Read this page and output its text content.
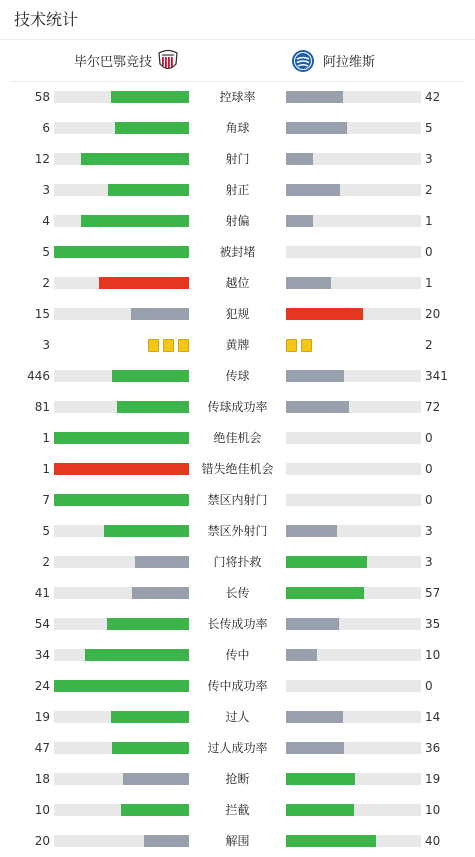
技术统计
毕尔巴鄂竞技	阿拉维斯
58	控球率	42
6	角球	5
12	射门	3
3	射正	2
4	射偏	1
5	被封堵	0
2	越位	1
15	犯规	20
3	黄牌	2
446	传球	341
81	传球成功率	72
1	绝佳机会	0
1	错失绝佳机会	0
7	禁区内射门	0
5	禁区外射门	3
2	门将扑救	3
41	长传	57
54	长传成功率	35
34	传中	10
24	传中成功率	0
19	过人	14
47	过人成功率	36
18	抢断	19
10	拦截	10
20	解围	40
